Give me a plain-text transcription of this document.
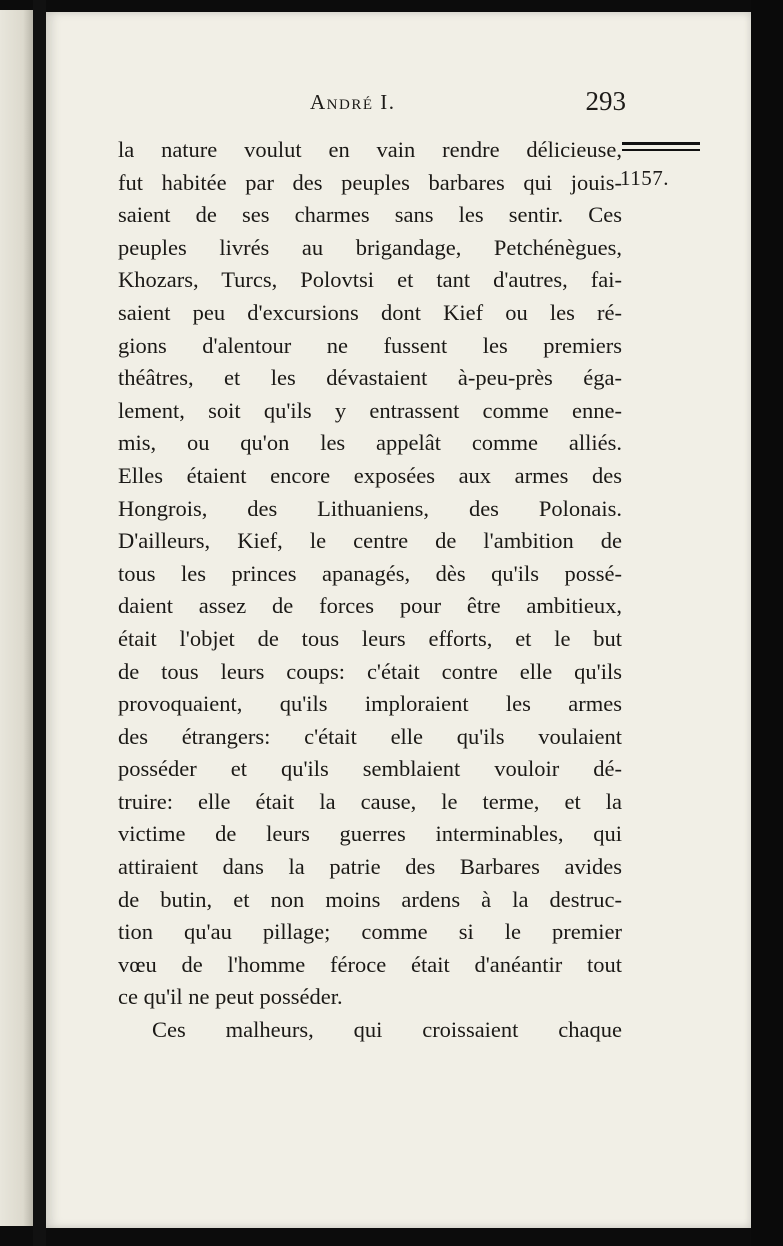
André I.	293
1157.
la nature voulut en vain rendre délicieuse,
fut habitée par des peuples barbares qui jouis-
saient de ses charmes sans les sentir. Ces
peuples livrés au brigandage, Petchénègues,
Khozars, Turcs, Polovtsi et tant d'autres, fai-
saient peu d'excursions dont Kief ou les ré-
gions d'alentour ne fussent les premiers
théâtres, et les dévastaient à-peu-près éga-
lement, soit qu'ils y entrassent comme enne-
mis, ou qu'on les appelât comme alliés.
Elles étaient encore exposées aux armes des
Hongrois, des Lithuaniens, des Polonais.
D'ailleurs, Kief, le centre de l'ambition de
tous les princes apanagés, dès qu'ils possé-
daient assez de forces pour être ambitieux,
était l'objet de tous leurs efforts, et le but
de tous leurs coups: c'était contre elle qu'ils
provoquaient, qu'ils imploraient les armes
des étrangers: c'était elle qu'ils voulaient
posséder et qu'ils semblaient vouloir dé-
truire: elle était la cause, le terme, et la
victime de leurs guerres interminables, qui
attiraient dans la patrie des Barbares avides
de butin, et non moins ardens à la destruc-
tion qu'au pillage; comme si le premier
vœu de l'homme féroce était d'anéantir tout
ce qu'il ne peut posséder.
Ces malheurs, qui croissaient chaque
